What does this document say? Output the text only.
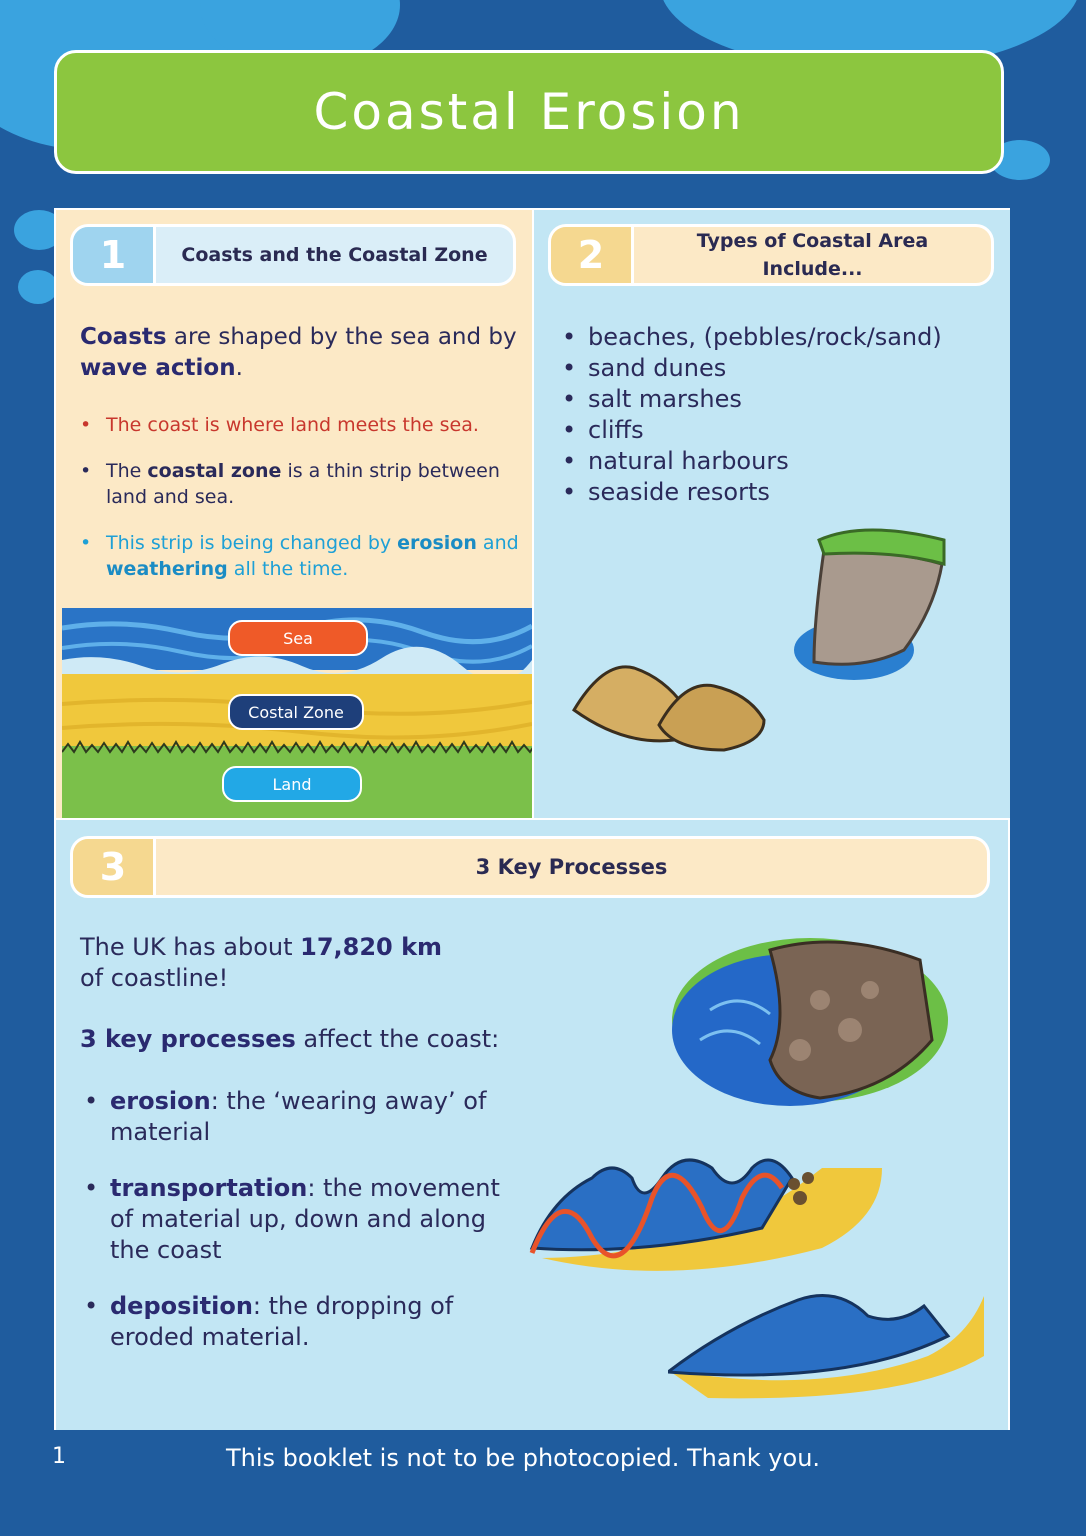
Coastal Erosion
1	Coasts and the Coastal Zone
Coasts are shaped by the sea and by wave action.
• The coast is where land meets the sea.
• The coastal zone is a thin strip between land and sea.
• This strip is being changed by erosion and weathering all the time.
Sea
Costal Zone
Land
2	Types of Coastal Area Include...
• beaches, (pebbles/rock/sand)
• sand dunes
• salt marshes
• cliffs
• natural harbours
• seaside resorts
3	3 Key Processes
The UK has about 17,820 km of coastline!
3 key processes affect the coast:
• erosion: the ‘wearing away’ of material
• transportation: the movement of material up, down and along the coast
• deposition: the dropping of eroded material.
1	This booklet is not to be photocopied. Thank you.
